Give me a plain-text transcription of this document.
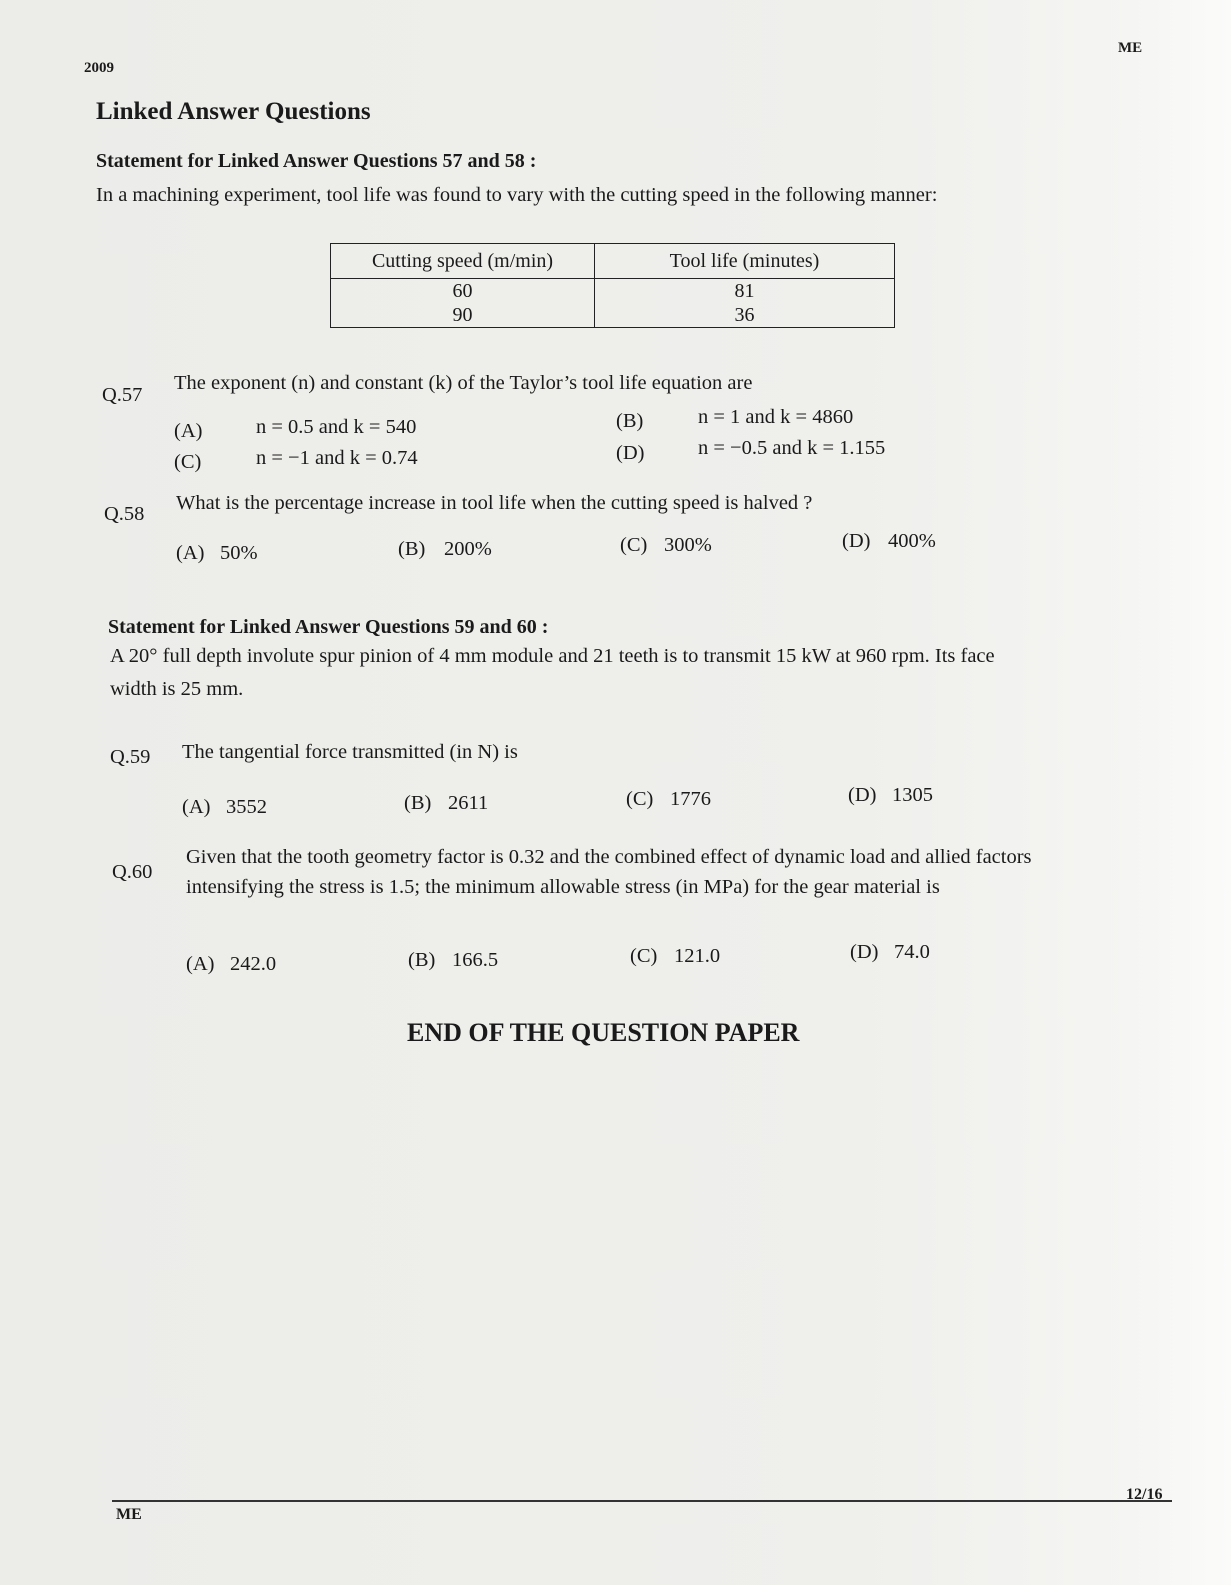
2009
ME
Linked Answer Questions
Statement for Linked Answer Questions 57 and 58 :
In a machining experiment, tool life was found to vary with the cutting speed in the following manner:
Cutting speed (m/min)	Tool life (minutes)
60	81
90	36
Q.57
The exponent (n) and constant (k) of the Taylor’s tool life equation are
(A)	n = 0.5 and k = 540	(B)	n = 1 and k = 4860
(C)	n = −1 and k = 0.74	(D)	n = −0.5 and k = 1.155
Q.58 What is the percentage increase in tool life when the cutting speed is halved ?
(A) 50%	(B) 200%	(C) 300%	(D) 400%
Statement for Linked Answer Questions 59 and 60 :
A 20° full depth involute spur pinion of 4 mm module and 21 teeth is to transmit 15 kW at 960 rpm. Its face
width is 25 mm.
Q.59 The tangential force transmitted (in N) is
(A) 3552	(B) 2611	(C) 1776	(D) 1305
Q.60
Given that the tooth geometry factor is 0.32 and the combined effect of dynamic load and allied factors
intensifying the stress is 1.5; the minimum allowable stress (in MPa) for the gear material is
(A) 242.0	(B) 166.5	(C) 121.0	(D) 74.0
END OF THE QUESTION PAPER
ME
12/16
